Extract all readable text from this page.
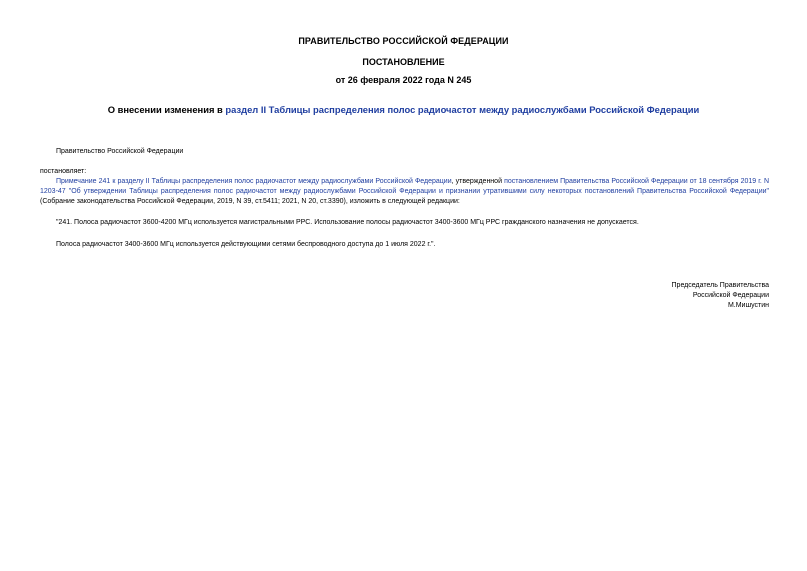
ПРАВИТЕЛЬСТВО РОССИЙСКОЙ ФЕДЕРАЦИИ
ПОСТАНОВЛЕНИЕ
от 26 февраля 2022 года N 245
О внесении изменения в раздел II Таблицы распределения полос радиочастот между радиослужбами Российской Федерации
Правительство Российской Федерации
постановляет:
Примечание 241 к разделу II Таблицы распределения полос радиочастот между радиослужбами Российской Федерации, утвержденной постановлением Правительства Российской Федерации от 18 сентября 2019 г. N 1203-47 "Об утверждении Таблицы распределения полос радиочастот между радиослужбами Российской Федерации и признании утратившими силу некоторых постановлений Правительства Российской Федерации" (Собрание законодательства Российской Федерации, 2019, N 39, ст.5411; 2021, N 20, ст.3390), изложить в следующей редакции:
"241. Полоса радиочастот 3600-4200 МГц используется магистральными РРС. Использование полосы радиочастот 3400-3600 МГц РРС гражданского назначения не допускается.
Полоса радиочастот 3400-3600 МГц используется действующими сетями беспроводного доступа до 1 июля 2022 г.".
Председатель Правительства
Российской Федерации
М.Мишустин
